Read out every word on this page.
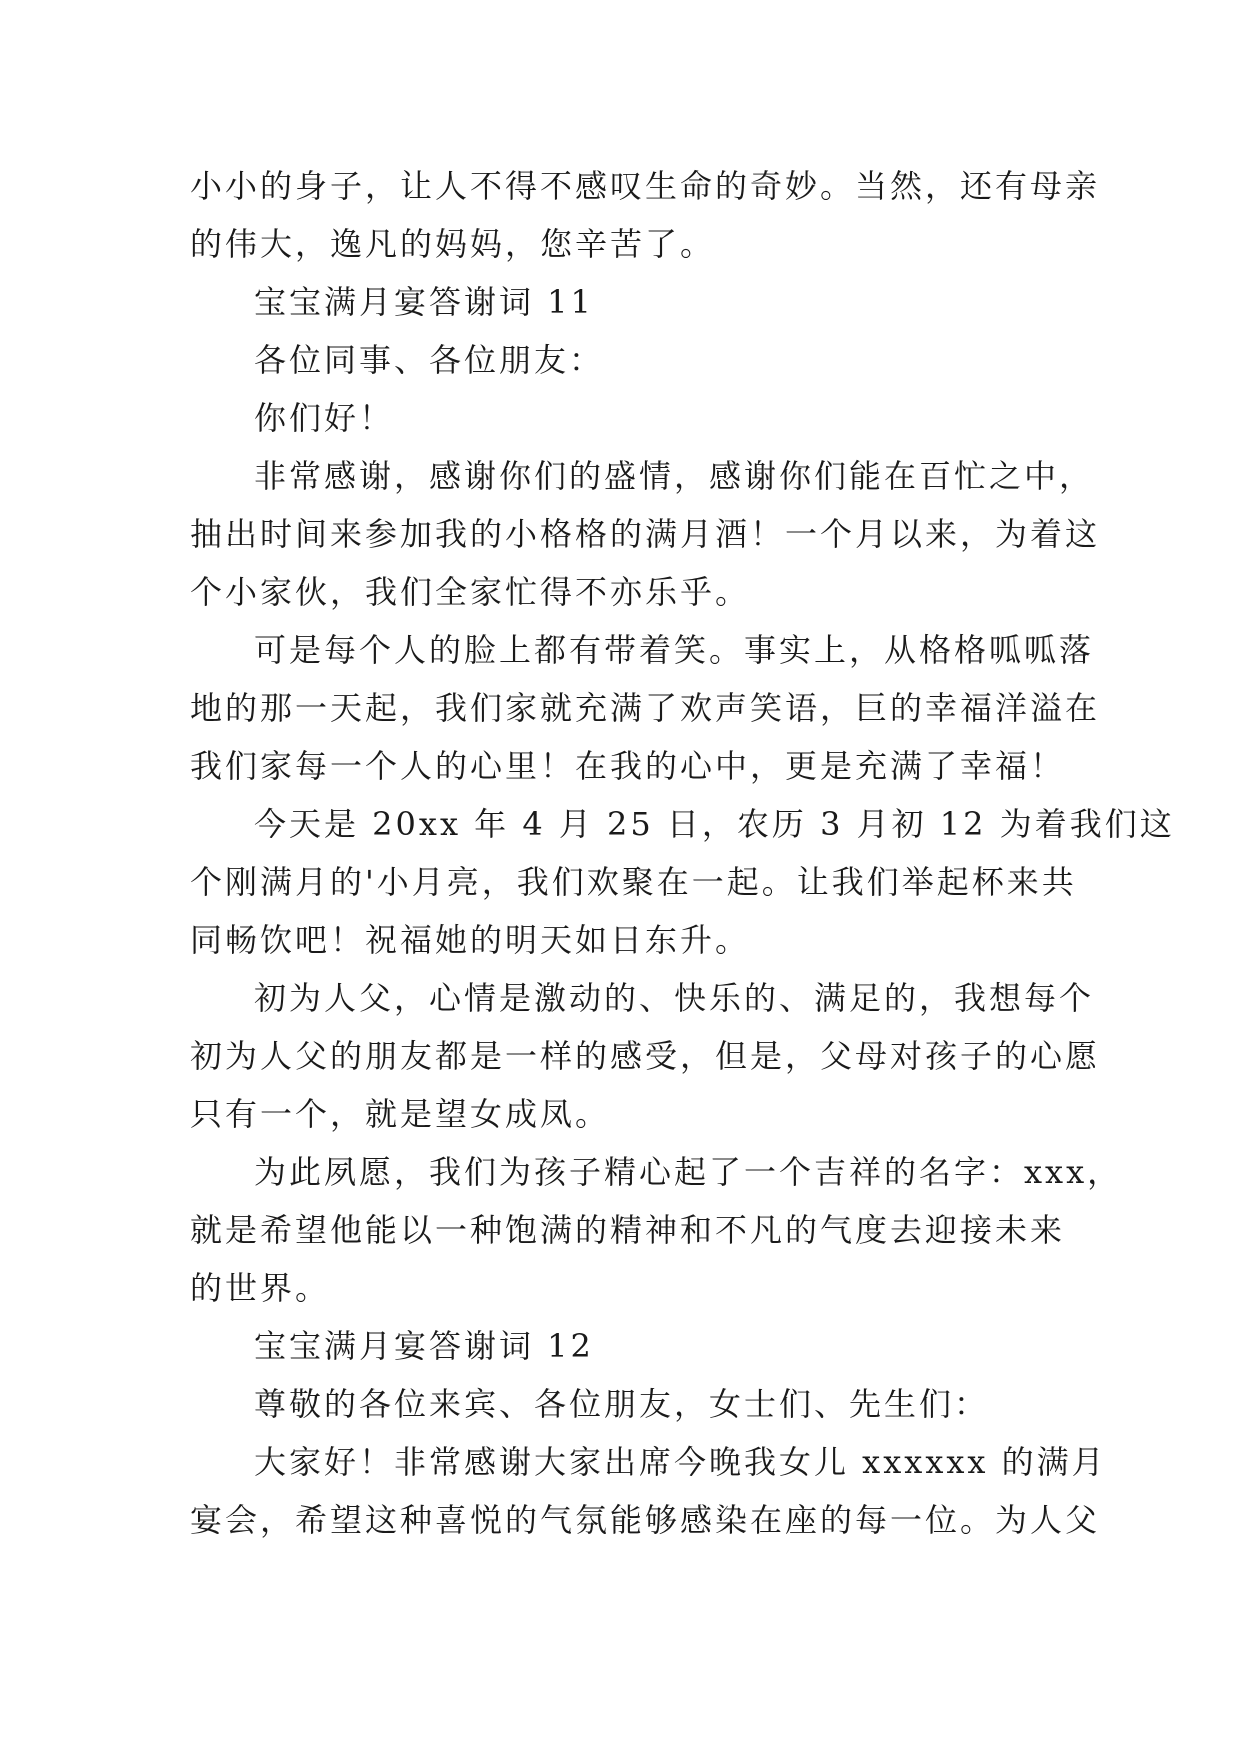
小小的身子，让人不得不感叹生命的奇妙。当然，还有母亲
的伟大，逸凡的妈妈，您辛苦了。

宝宝满月宴答谢词 11

各位同事、各位朋友：

你们好！

非常感谢，感谢你们的盛情，感谢你们能在百忙之中，
抽出时间来参加我的小格格的满月酒！一个月以来，为着这
个小家伙，我们全家忙得不亦乐乎。

可是每个人的脸上都有带着笑。事实上，从格格呱呱落
地的那一天起，我们家就充满了欢声笑语，巨的幸福洋溢在
我们家每一个人的心里！在我的心中，更是充满了幸福！

今天是 20xx 年 4 月 25 日，农历 3 月初 12 为着我们这
个刚满月的'小月亮，我们欢聚在一起。让我们举起杯来共
同畅饮吧！祝福她的明天如日东升。

初为人父，心情是激动的、快乐的、满足的，我想每个
初为人父的朋友都是一样的感受，但是，父母对孩子的心愿
只有一个，就是望女成凤。

为此夙愿，我们为孩子精心起了一个吉祥的名字：xxx，
就是希望他能以一种饱满的精神和不凡的气度去迎接未来
的世界。

宝宝满月宴答谢词 12

尊敬的各位来宾、各位朋友，女士们、先生们：

大家好！非常感谢大家出席今晚我女儿 xxxxxx 的满月
宴会，希望这种喜悦的气氛能够感染在座的每一位。为人父
